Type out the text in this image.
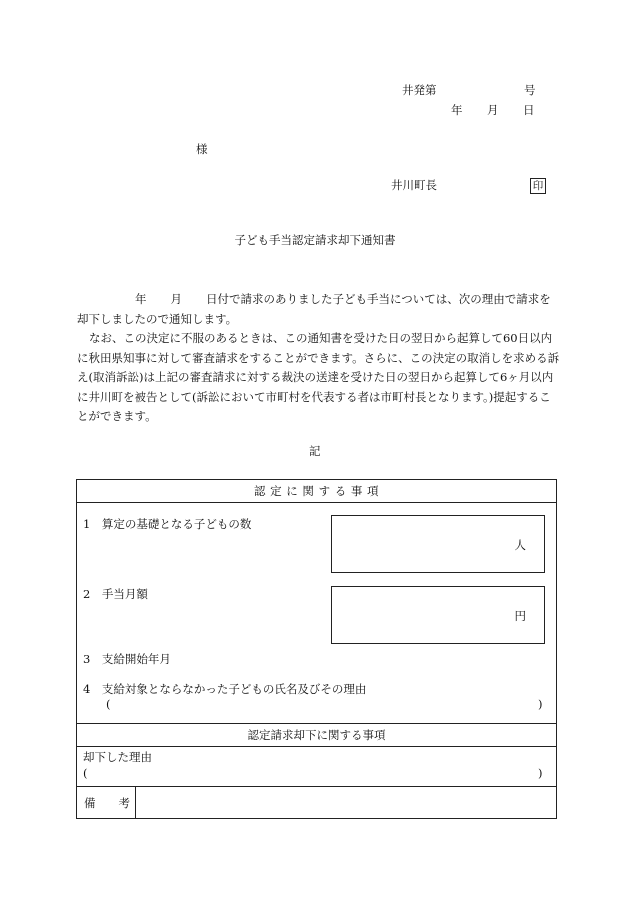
井発第	号
年 月 日
様
井川町長	印
子ども手当認定請求却下通知書

年 月 日付で請求のありました子ども手当については、次の理由で請求を却下しましたので通知します。

なお、この決定に不服のあるときは、この通知書を受けた日の翌日から起算して60日以内に秋田県知事に対して審査請求をすることができます。さらに、この決定の取消しを求める訴え(取消訴訟)は上記の審査請求に対する裁決の送達を受けた日の翌日から起算して6ヶ月以内に井川町を被告として(訴訟において市町村を代表する者は市町村長となります。)提起することができます。

記
認 定 に 関 す る 事 項
1　算定の基礎となる子どもの数
人
2　手当月額
円
3　支給開始年月
4　支給対象とならなかった子どもの氏名及びその理由
(	)
認定請求却下に関する事項
却下した理由
(	)
備　　考
